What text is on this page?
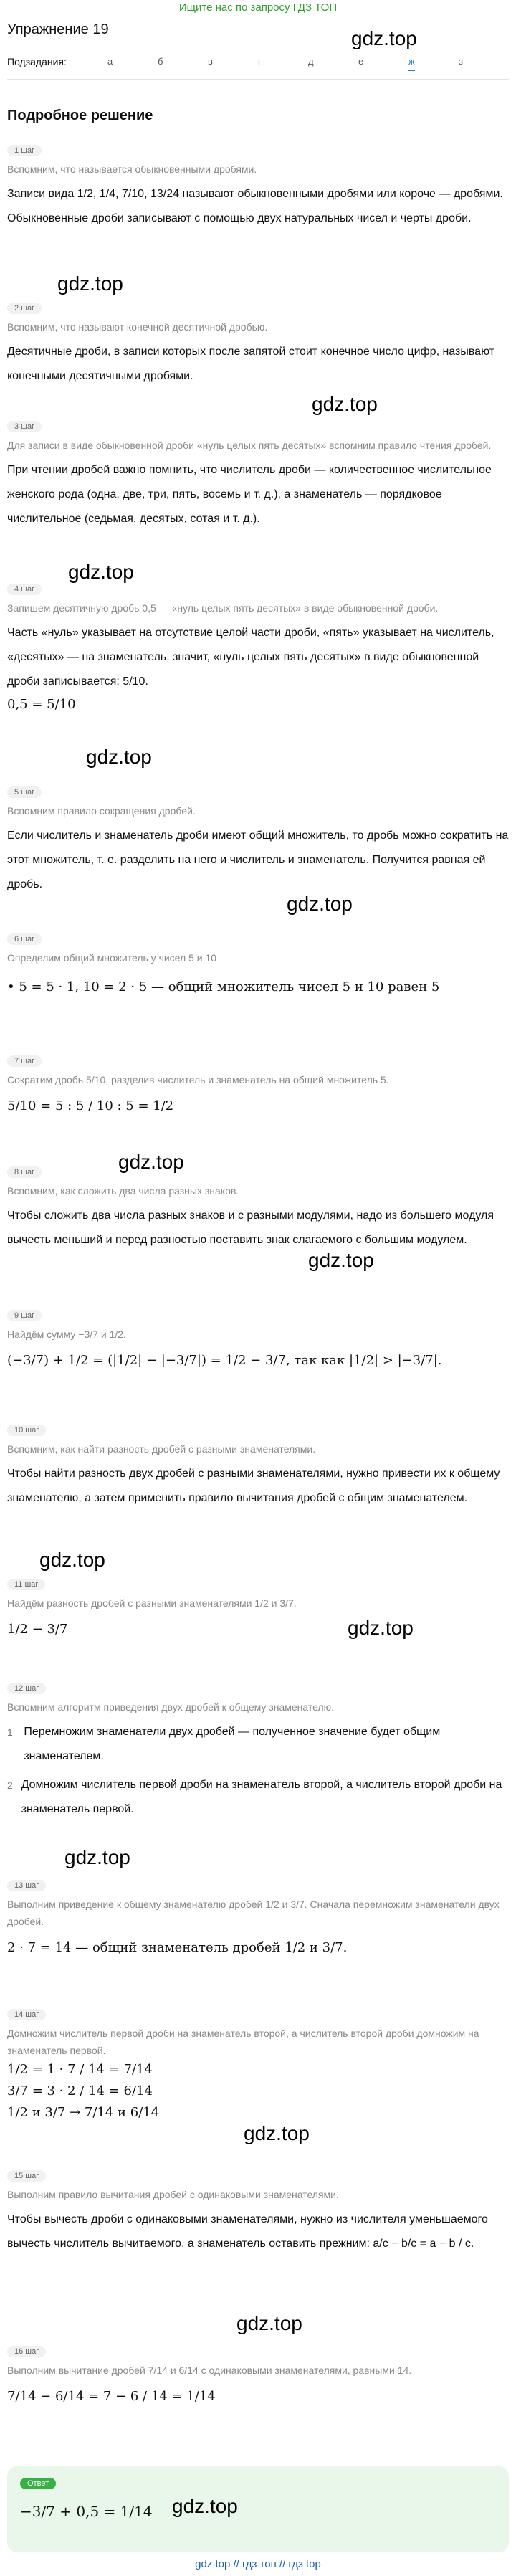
Ищите нас по запросу ГДЗ ТОП
Упражнение 19	gdz.top
Подзадания:	а	б	в	г	д	е	ж	з
Подробное решение
1 шаг
Вспомним, что называется обыкновенными дробями.
Записи вида 1/2, 1/4, 7/10, 13/24 называют обыкновенными дробями или короче — дробями. Обыкновенные дроби записывают с помощью двух натуральных чисел и черты дроби.
gdz.top
2 шаг
Вспомним, что называют конечной десятичной дробью.
Десятичные дроби, в записи которых после запятой стоит конечное число цифр, называют конечными десятичными дробями.
gdz.top
3 шаг
Для записи в виде обыкновенной дроби «нуль целых пять десятых» вспомним правило чтения дробей.
При чтении дробей важно помнить, что числитель дроби — количественное числительное женского рода (одна, две, три, пять, восемь и т. д.), а знаменатель — порядковое числительное (седьмая, десятых, сотая и т. д.).
gdz.top
4 шаг
Запишем десятичную дробь 0,5 — «нуль целых пять десятых» в виде обыкновенной дроби.
Часть «нуль» указывает на отсутствие целой части дроби, «пять» указывает на числитель, «десятых» — на знаменатель, значит, «нуль целых пять десятых» в виде обыкновенной дроби записывается: 5/10.
0,5 = 5/10
gdz.top
5 шаг
Вспомним правило сокращения дробей.
Если числитель и знаменатель дроби имеют общий множитель, то дробь можно сократить на этот множитель, т. е. разделить на него и числитель и знаменатель. Получится равная ей дробь.
gdz.top
6 шаг
Определим общий множитель у чисел 5 и 10
• 5 = 5 · 1, 10 = 2 · 5 — общий множитель чисел 5 и 10 равен 5
7 шаг
Сократим дробь 5/10, разделив числитель и знаменатель на общий множитель 5.
5/10 = 5 : 5 / 10 : 5 = 1/2
gdz.top
8 шаг
Вспомним, как сложить два числа разных знаков.
Чтобы сложить два числа разных знаков и с разными модулями, надо из большего модуля вычесть меньший и перед разностью поставить знак слагаемого с большим модулем.
gdz.top
9 шаг
Найдём сумму −3/7 и 1/2.
(−3/7) + 1/2 = (|1/2| − |−3/7|) = 1/2 − 3/7, так как |1/2| > |−3/7|.
10 шаг
Вспомним, как найти разность дробей с разными знаменателями.
Чтобы найти разность двух дробей с разными знаменателями, нужно привести их к общему знаменателю, а затем применить правило вычитания дробей с общим знаменателем.
gdz.top
11 шаг
Найдём разность дробей с разными знаменателями 1/2 и 3/7.
1/2 − 3/7	gdz.top
12 шаг
Вспомним алгоритм приведения двух дробей к общему знаменателю.
1 Перемножим знаменатели двух дробей — полученное значение будет общим знаменателем.
2 Домножим числитель первой дроби на знаменатель второй, а числитель второй дроби на знаменатель первой.
gdz.top
13 шаг
Выполним приведение к общему знаменателю дробей 1/2 и 3/7. Сначала перемножим знаменатели двух дробей.
2 · 7 = 14 — общий знаменатель дробей 1/2 и 3/7.
14 шаг
Домножим числитель первой дроби на знаменатель второй, а числитель второй дроби домножим на знаменатель первой.
1/2 = 1 · 7 / 14 = 7/14
3/7 = 3 · 2 / 14 = 6/14
1/2 и 3/7 → 7/14 и 6/14
gdz.top
15 шаг
Выполним правило вычитания дробей с одинаковыми знаменателями.
Чтобы вычесть дроби с одинаковыми знаменателями, нужно из числителя уменьшаемого вычесть числитель вычитаемого, а знаменатель оставить прежним: a/c − b/c = a − b / c.
gdz.top
16 шаг
Выполним вычитание дробей 7/14 и 6/14 с одинаковыми знаменателями, равными 14.
7/14 − 6/14 = 7 − 6 / 14 = 1/14
Ответ
−3/7 + 0,5 = 1/14 gdz.top
gdz top // гдз топ // гдз top
